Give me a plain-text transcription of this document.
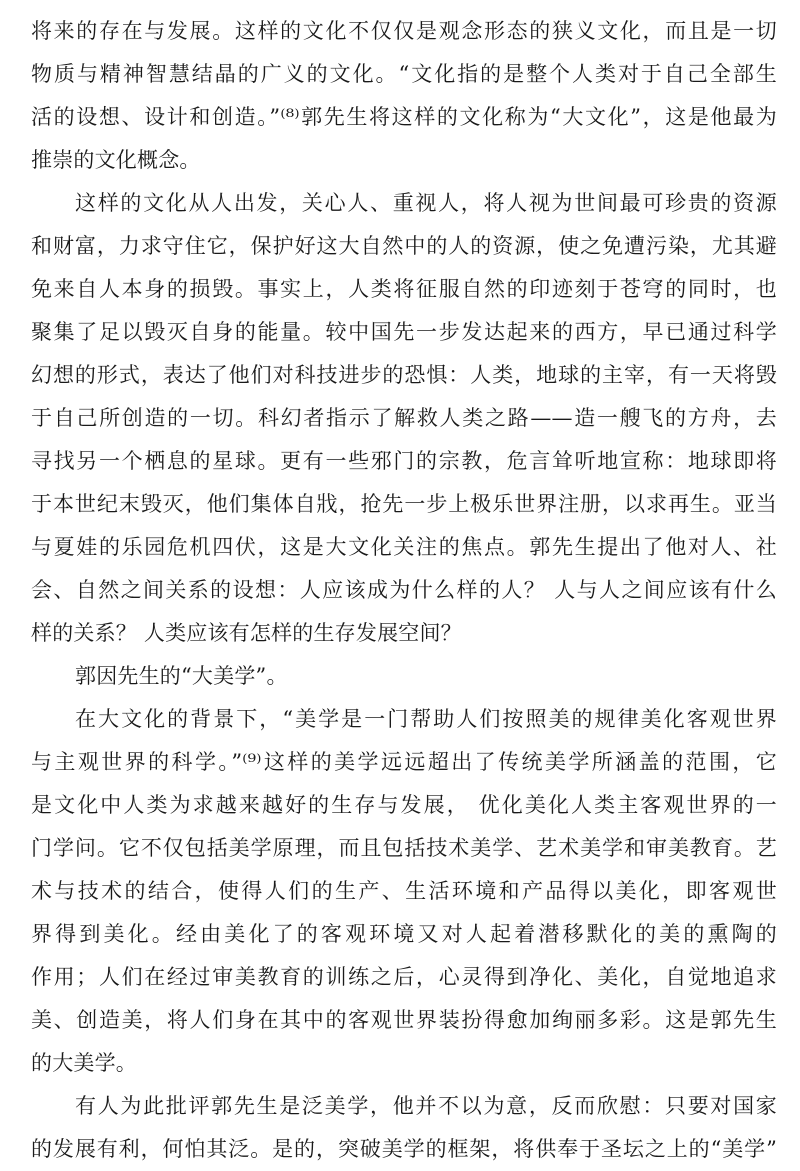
将来的存在与发展。这样的文化不仅仅是观念形态的狭义文化，而且是一切
物质与精神智慧结晶的广义的文化。“文化指的是整个人类对于自己全部生
活的设想、设计和创造。”⁽⁸⁾郭先生将这样的文化称为“大文化”，这是他最为
推崇的文化概念。
这样的文化从人出发，关心人、重视人，将人视为世间最可珍贵的资源
和财富，力求守住它，保护好这大自然中的人的资源，使之免遭污染，尤其避
免来自人本身的损毁。事实上，人类将征服自然的印迹刻于苍穹的同时，也
聚集了足以毁灭自身的能量。较中国先一步发达起来的西方，早已通过科学
幻想的形式，表达了他们对科技进步的恐惧：人类，地球的主宰，有一天将毁
于自己所创造的一切。科幻者指示了解救人类之路——造一艘飞的方舟，去
寻找另一个栖息的星球。更有一些邪门的宗教，危言耸听地宣称：地球即将
于本世纪末毁灭，他们集体自戕，抢先一步上极乐世界注册，以求再生。亚当
与夏娃的乐园危机四伏，这是大文化关注的焦点。郭先生提出了他对人、社
会、自然之间关系的设想：人应该成为什么样的人？ 人与人之间应该有什么
样的关系？ 人类应该有怎样的生存发展空间？
郭因先生的“大美学”。
在大文化的背景下，“美学是一门帮助人们按照美的规律美化客观世界
与主观世界的科学。”⁽⁹⁾这样的美学远远超出了传统美学所涵盖的范围，它
是文化中人类为求越来越好的生存与发展， 优化美化人类主客观世界的一
门学问。它不仅包括美学原理，而且包括技术美学、艺术美学和审美教育。艺
术与技术的结合，使得人们的生产、生活环境和产品得以美化，即客观世
界得到美化。经由美化了的客观环境又对人起着潜移默化的美的熏陶的
作用；人们在经过审美教育的训练之后，心灵得到净化、美化，自觉地追求
美、创造美，将人们身在其中的客观世界装扮得愈加绚丽多彩。这是郭先生
的大美学。
有人为此批评郭先生是泛美学，他并不以为意，反而欣慰：只要对国家
的发展有利，何怕其泛。是的，突破美学的框架，将供奉于圣坛之上的“美学”
